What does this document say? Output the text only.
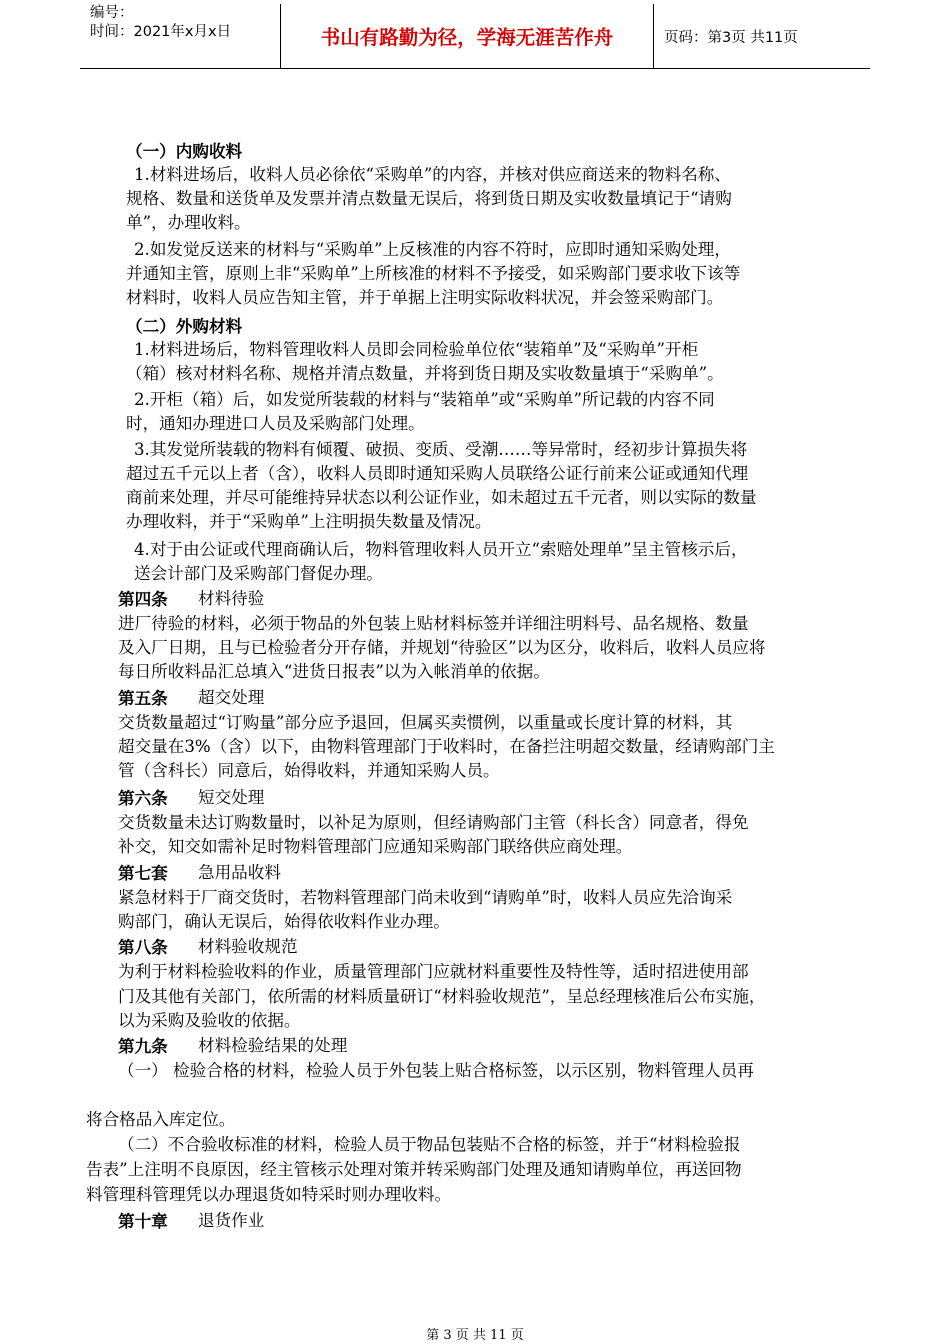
编号：
时间：2021年x月x日	书山有路勤为径，学海无涯苦作舟	页码：第3页 共11页
（一）内购收料
1.材料进场后，收料人员必徐依“采购单”的内容，并核对供应商送来的物料名称、
规格、数量和送货单及发票并清点数量无误后，将到货日期及实收数量填记于“请购
单”，办理收料。
2.如发觉反送来的材料与“采购单”上反核准的内容不符时，应即时通知采购处理，
并通知主管，原则上非“采购单”上所核准的材料不予接受，如采购部门要求收下该等
材料时，收料人员应告知主管，并于单据上注明实际收料状况，并会签采购部门。
（二）外购材料
1.材料进场后，物料管理收料人员即会同检验单位依“装箱单”及“采购单”开柜
（箱）核对材料名称、规格并清点数量，并将到货日期及实收数量填于“采购单”。
2.开柜（箱）后，如发觉所装载的材料与“装箱单”或“采购单”所记载的内容不同
时，通知办理进口人员及采购部门处理。
3.其发觉所装载的物料有倾覆、破损、变质、受潮……等异常时，经初步计算损失将
超过五千元以上者（含），收料人员即时通知采购人员联络公证行前来公证或通知代理
商前来处理，并尽可能维持异状态以利公证作业，如未超过五千元者，则以实际的数量
办理收料，并于“采购单”上注明损失数量及情况。
4.对于由公证或代理商确认后，物料管理收料人员开立“索赔处理单”呈主管核示后，
送会计部门及采购部门督促办理。
第四条 材料待验
进厂待验的材料，必须于物品的外包装上贴材料标签并详细注明料号、品名规格、数量
及入厂日期，且与已检验者分开存储，并规划“待验区”以为区分，收料后，收料人员应将
每日所收料品汇总填入“进货日报表”以为入帐消单的依据。
第五条 超交处理
交货数量超过“订购量”部分应予退回，但属买卖惯例，以重量或长度计算的材料，其
超交量在3%（含）以下，由物料管理部门于收料时，在备拦注明超交数量，经请购部门主
管（含科长）同意后，始得收料，并通知采购人员。
第六条 短交处理
交货数量未达订购数量时，以补足为原则，但经请购部门主管（科长含）同意者，得免
补交，知交如需补足时物料管理部门应通知采购部门联络供应商处理。
第七套 急用品收料
紧急材料于厂商交货时，若物料管理部门尚未收到“请购单”时，收料人员应先洽询采
购部门，确认无误后，始得依收料作业办理。
第八条 材料验收规范
为利于材料检验收料的作业，质量管理部门应就材料重要性及特性等，适时招进使用部
门及其他有关部门，依所需的材料质量研订“材料验收规范”，呈总经理核准后公布实施，
以为采购及验收的依据。
第九条 材料检验结果的处理
（一） 检验合格的材料，检验人员于外包装上贴合格标签，以示区别，物料管理人员再
将合格品入库定位。
（二）不合验收标准的材料，检验人员于物品包装贴不合格的标签，并于“材料检验报
告表”上注明不良原因，经主管核示处理对策并转采购部门处理及通知请购单位，再送回物
料管理科管理凭以办理退货如特采时则办理收料。
第十章 退货作业
第 3 页 共 11 页
